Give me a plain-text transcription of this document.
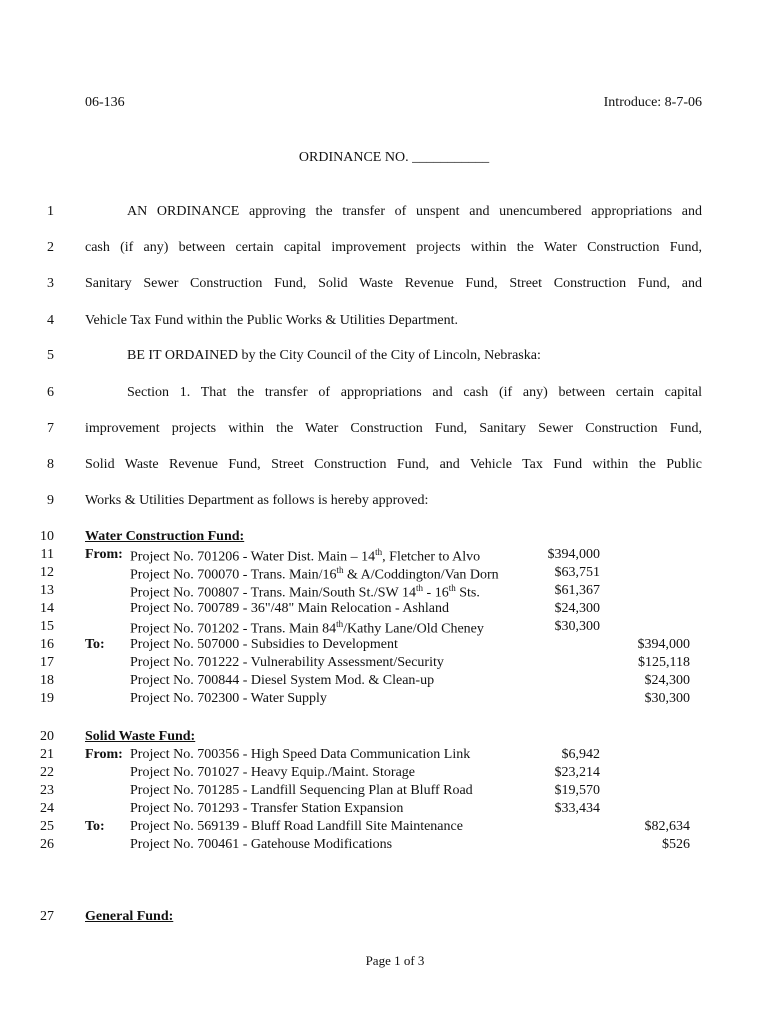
06-136	Introduce: 8-7-06
ORDINANCE NO. ___________
1	AN ORDINANCE approving the transfer of unspent and unencumbered appropriations and
2 cash (if any) between certain capital improvement projects within the Water Construction Fund,
3 Sanitary Sewer Construction Fund, Solid Waste Revenue Fund, Street Construction Fund, and
4 Vehicle Tax Fund within the Public Works & Utilities Department.
5	BE IT ORDAINED by the City Council of the City of Lincoln, Nebraska:
6	Section 1. That the transfer of appropriations and cash (if any) between certain capital
7 improvement projects within the Water Construction Fund, Sanitary Sewer Construction Fund,
8 Solid Waste Revenue Fund, Street Construction Fund, and Vehicle Tax Fund within the Public
9 Works & Utilities Department as follows is hereby approved:
10 Water Construction Fund:
11 From: Project No. 701206 - Water Dist. Main – 14th, Fletcher to Alvo	$394,000
12	Project No. 700070 - Trans. Main/16th & A/Coddington/Van Dorn	$63,751
13	Project No. 700807 - Trans. Main/South St./SW 14th - 16th Sts.	$61,367
14	Project No. 700789 - 36"/48" Main Relocation - Ashland	$24,300
15	Project No. 701202 - Trans. Main 84th/Kathy Lane/Old Cheney	$30,300
16 To: Project No. 507000 - Subsidies to Development	$394,000
17	Project No. 701222 - Vulnerability Assessment/Security	$125,118
18	Project No. 700844 - Diesel System Mod. & Clean-up	$24,300
19	Project No. 702300 - Water Supply	$30,300
20 Solid Waste Fund:
21 From: Project No. 700356 - High Speed Data Communication Link	$6,942
22	Project No. 701027 - Heavy Equip./Maint. Storage	$23,214
23	Project No. 701285 - Landfill Sequencing Plan at Bluff Road	$19,570
24	Project No. 701293 - Transfer Station Expansion	$33,434
25 To: Project No. 569139 - Bluff Road Landfill Site Maintenance	$82,634
26	Project No. 700461 - Gatehouse Modifications	$526
27 General Fund:
Page 1 of 3
